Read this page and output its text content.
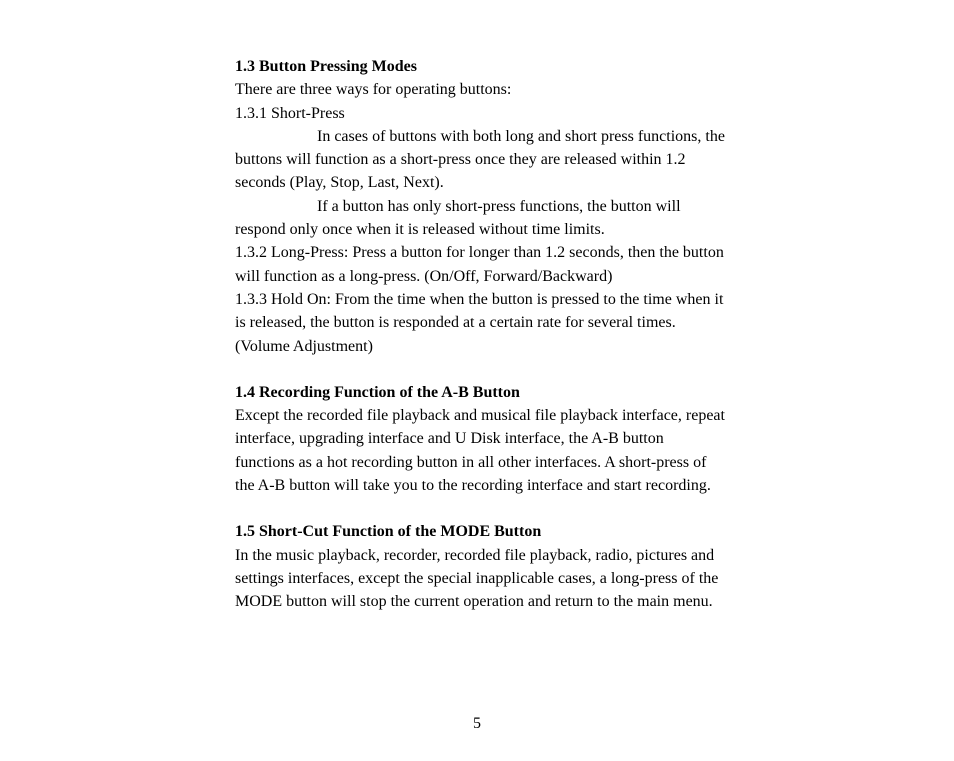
1.3 Button Pressing Modes

There are three ways for operating buttons:

1.3.1 Short-Press

In cases of buttons with both long and short press functions, the buttons will function as a short-press once they are released within 1.2 seconds (Play, Stop, Last, Next).

If a button has only short-press functions, the button will respond only once when it is released without time limits.

1.3.2 Long-Press: Press a button for longer than 1.2 seconds, then the button will function as a long-press. (On/Off, Forward/Backward)

1.3.3 Hold On: From the time when the button is pressed to the time when it is released, the button is responded at a certain rate for several times. (Volume Adjustment)

1.4 Recording Function of the A-B Button

Except the recorded file playback and musical file playback interface, repeat interface, upgrading interface and U Disk interface, the A-B button functions as a hot recording button in all other interfaces. A short-press of the A-B button will take you to the recording interface and start recording.

1.5 Short-Cut Function of the MODE Button

In the music playback, recorder, recorded file playback, radio, pictures and settings interfaces, except the special inapplicable cases, a long-press of the MODE button will stop the current operation and return to the main menu.

5
